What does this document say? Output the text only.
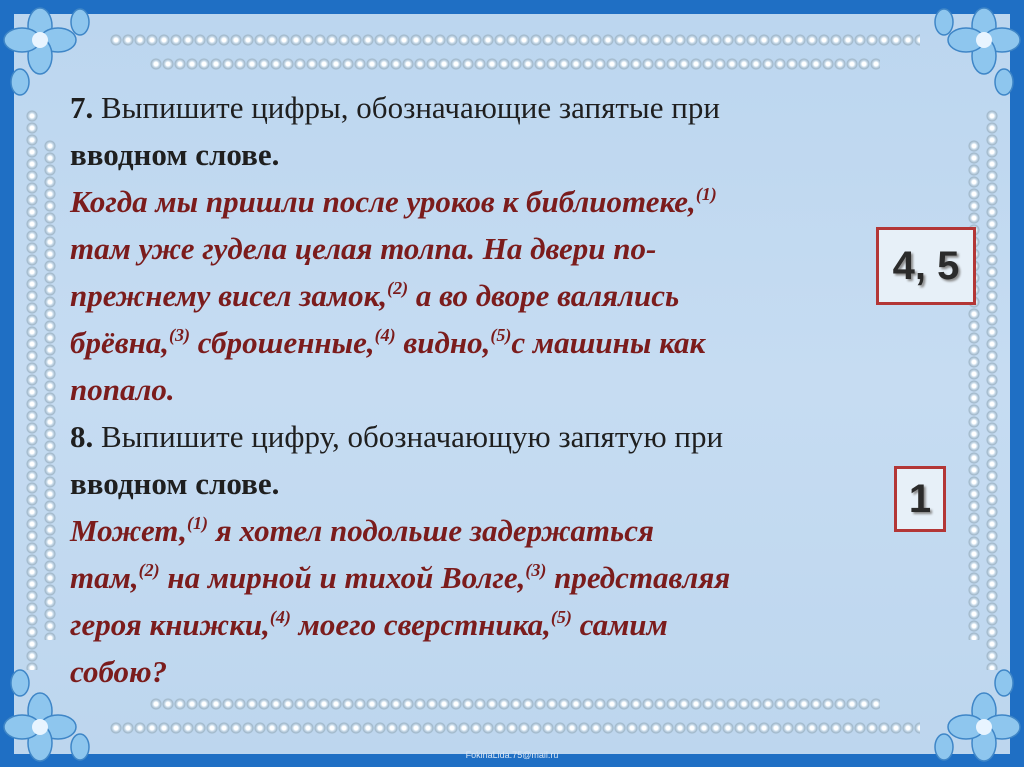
7. Выпишите цифры, обозначающие запятые при

вводном слове.

Когда мы пришли после уроков к библиотеке,$^{(1)}$

там уже гудела целая толпа. На двери по-

прежнему висел замок,$^{(2)}$ а во дворе валялись

брёвна,$^{(3)}$ сброшенные,$^{(4)}$ видно,$^{(5)}$с машины как

попало.

8. Выпишите цифру, обозначающую запятую при

вводном слове.

Может,$^{(1)}$ я хотел подольше задержаться

там,$^{(2)}$ на мирной и тихой Волге,$^{(3)}$ представляя

героя книжки,$^{(4)}$ моего сверстника,$^{(5)}$ самим

собою?

4, 5
1
FokinaLida.75@mail.ru
